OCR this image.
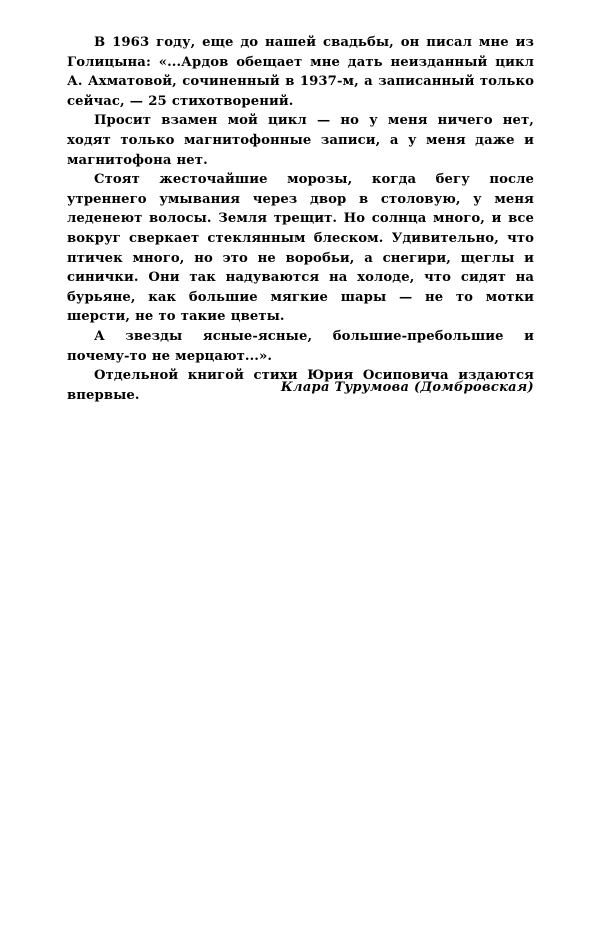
В 1963 году, еще до нашей свадьбы, он писал мне из Голицына: «...Ардов обещает мне дать неизданный цикл А. Ахматовой, сочиненный в 1937-м, а записанный только сейчас, — 25 стихотворений.

Просит взамен мой цикл — но у меня ничего нет, ходят только магнитофонные записи, а у меня даже и магнитофона нет.

Стоят жесточайшие морозы, когда бегу после утреннего умывания через двор в столовую, у меня леденеют волосы. Земля трещит. Но солнца много, и все вокруг сверкает стеклянным блеском. Удивительно, что птичек много, но это не воробьи, а снегири, щеглы и синички. Они так надуваются на холоде, что сидят на бурьяне, как большие мягкие шары — не то мотки шерсти, не то такие цветы.

А звезды ясные-ясные, большие-пребольшие и почему-то не мерцают...».

Отдельной книгой стихи Юрия Осиповича издаются впервые.

Клара Турумова (Домбровская)
